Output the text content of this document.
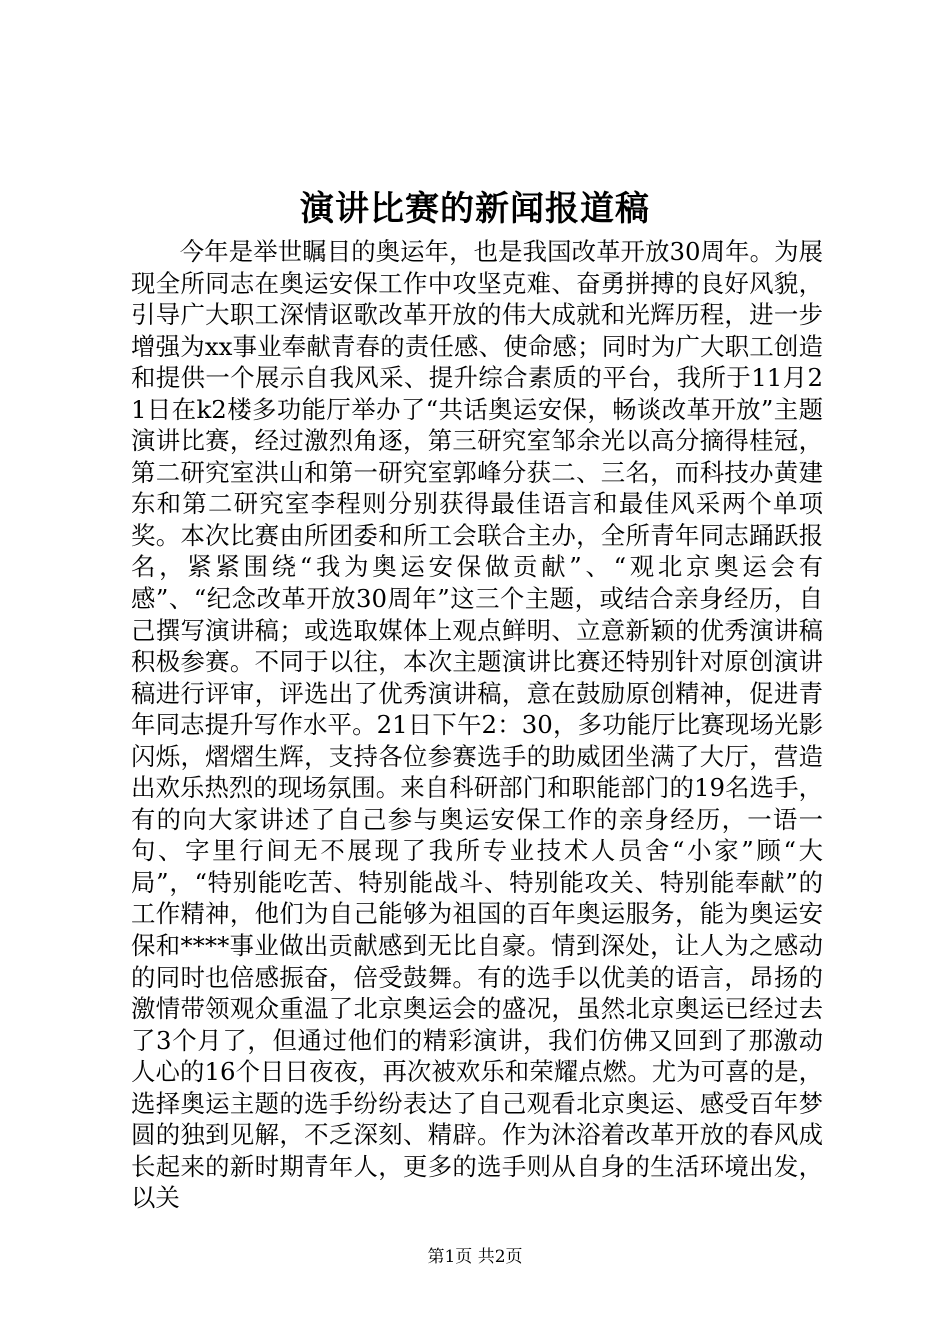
演讲比赛的新闻报道稿

今年是举世瞩目的奥运年，也是我国改革开放30周年。为展现全所同志在奥运安保工作中攻坚克难、奋勇拼搏的良好风貌，引导广大职工深情讴歌改革开放的伟大成就和光辉历程，进一步增强为xx事业奉献青春的责任感、使命感；同时为广大职工创造和提供一个展示自我风采、提升综合素质的平台，我所于11月21日在k2楼多功能厅举办了“共话奥运安保，畅谈改革开放”主题演讲比赛，经过激烈角逐，第三研究室邹余光以高分摘得桂冠，第二研究室洪山和第一研究室郭峰分获二、三名，而科技办黄建东和第二研究室李程则分别获得最佳语言和最佳风采两个单项奖。本次比赛由所团委和所工会联合主办，全所青年同志踊跃报名，紧紧围绕“我为奥运安保做贡献”、“观北京奥运会有感”、“纪念改革开放30周年”这三个主题，或结合亲身经历，自己撰写演讲稿；或选取媒体上观点鲜明、立意新颖的优秀演讲稿积极参赛。不同于以往，本次主题演讲比赛还特别针对原创演讲稿进行评审，评选出了优秀演讲稿，意在鼓励原创精神，促进青年同志提升写作水平。21日下午2：30，多功能厅比赛现场光影闪烁，熠熠生辉，支持各位参赛选手的助威团坐满了大厅，营造出欢乐热烈的现场氛围。来自科研部门和职能部门的19名选手，有的向大家讲述了自己参与奥运安保工作的亲身经历，一语一句、字里行间无不展现了我所专业技术人员舍“小家”顾“大局”，“特别能吃苦、特别能战斗、特别能攻关、特别能奉献”的工作精神，他们为自己能够为祖国的百年奥运服务，能为奥运安保和****事业做出贡献感到无比自豪。情到深处，让人为之感动的同时也倍感振奋，倍受鼓舞。有的选手以优美的语言，昂扬的激情带领观众重温了北京奥运会的盛况，虽然北京奥运已经过去了3个月了，但通过他们的精彩演讲，我们仿佛又回到了那激动人心的16个日日夜夜，再次被欢乐和荣耀点燃。尤为可喜的是，选择奥运主题的选手纷纷表达了自己观看北京奥运、感受百年梦圆的独到见解，不乏深刻、精辟。作为沐浴着改革开放的春风成长起来的新时期青年人，更多的选手则从自身的生活环境出发，以关

第1页 共2页
